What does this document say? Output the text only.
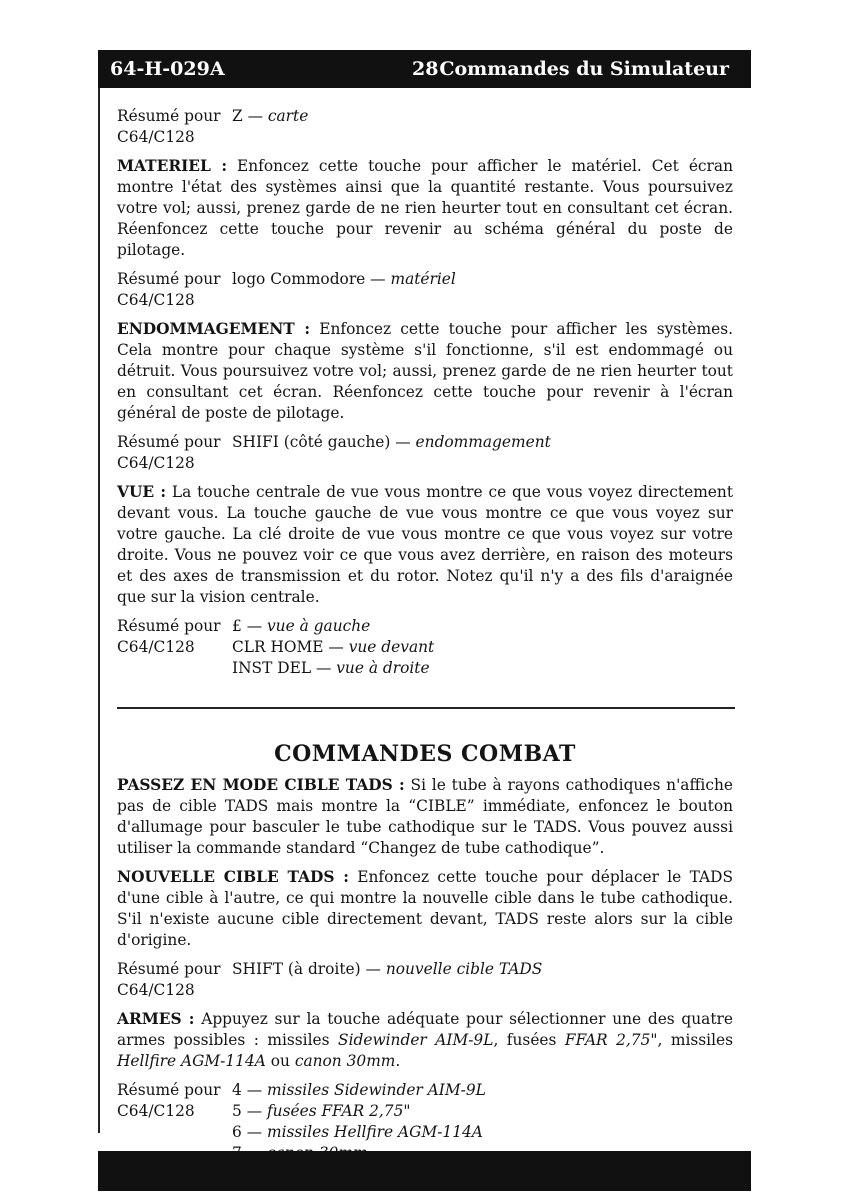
64-H-029A	28 Commandes du Simulateur
Résumé pour
C64/C128
Z — carte

MATERIEL : Enfoncez cette touche pour afficher le matériel. Cet écran montre l'état des systèmes ainsi que la quantité restante. Vous poursuivez votre vol; aussi, prenez garde de ne rien heurter tout en consultant cet écran. Réenfoncez cette touche pour revenir au schéma général du poste de pilotage.

Résumé pour
C64/C128
logo Commodore — matériel

ENDOMMAGEMENT : Enfoncez cette touche pour afficher les systèmes. Cela montre pour chaque système s'il fonctionne, s'il est endommagé ou détruit. Vous poursuivez votre vol; aussi, prenez garde de ne rien heurter tout en consultant cet écran. Réenfoncez cette touche pour revenir à l'écran général de poste de pilotage.

Résumé pour
C64/C128
SHIFI (côté gauche) — endommagement

VUE : La touche centrale de vue vous montre ce que vous voyez directement devant vous. La touche gauche de vue vous montre ce que vous voyez sur votre gauche. La clé droite de vue vous montre ce que vous voyez sur votre droite. Vous ne pouvez voir ce que vous avez derrière, en raison des moteurs et des axes de transmission et du rotor. Notez qu'il n'y a des fils d'araignée que sur la vision centrale.

Résumé pour
C64/C128
£ — vue à gauche
CLR HOME — vue devant
INST DEL — vue à droite
COMMANDES COMBAT

PASSEZ EN MODE CIBLE TADS : Si le tube à rayons cathodiques n'affiche pas de cible TADS mais montre la “CIBLE” immédiate, enfoncez le bouton d'allumage pour basculer le tube cathodique sur le TADS. Vous pouvez aussi utiliser la commande standard “Changez de tube cathodique”.

NOUVELLE CIBLE TADS : Enfoncez cette touche pour déplacer le TADS d'une cible à l'autre, ce qui montre la nouvelle cible dans le tube cathodique. S'il n'existe aucune cible directement devant, TADS reste alors sur la cible d'origine.

Résumé pour
C64/C128
SHIFT (à droite) — nouvelle cible TADS

ARMES : Appuyez sur la touche adéquate pour sélectionner une des quatre armes possibles : missiles Sidewinder AIM-9L, fusées FFAR 2,75", missiles Hellfire AGM-114A ou canon 30mm.

Résumé pour
C64/C128
4 — missiles Sidewinder AIM-9L
5 — fusées FFAR 2,75"
6 — missiles Hellfire AGM-114A
